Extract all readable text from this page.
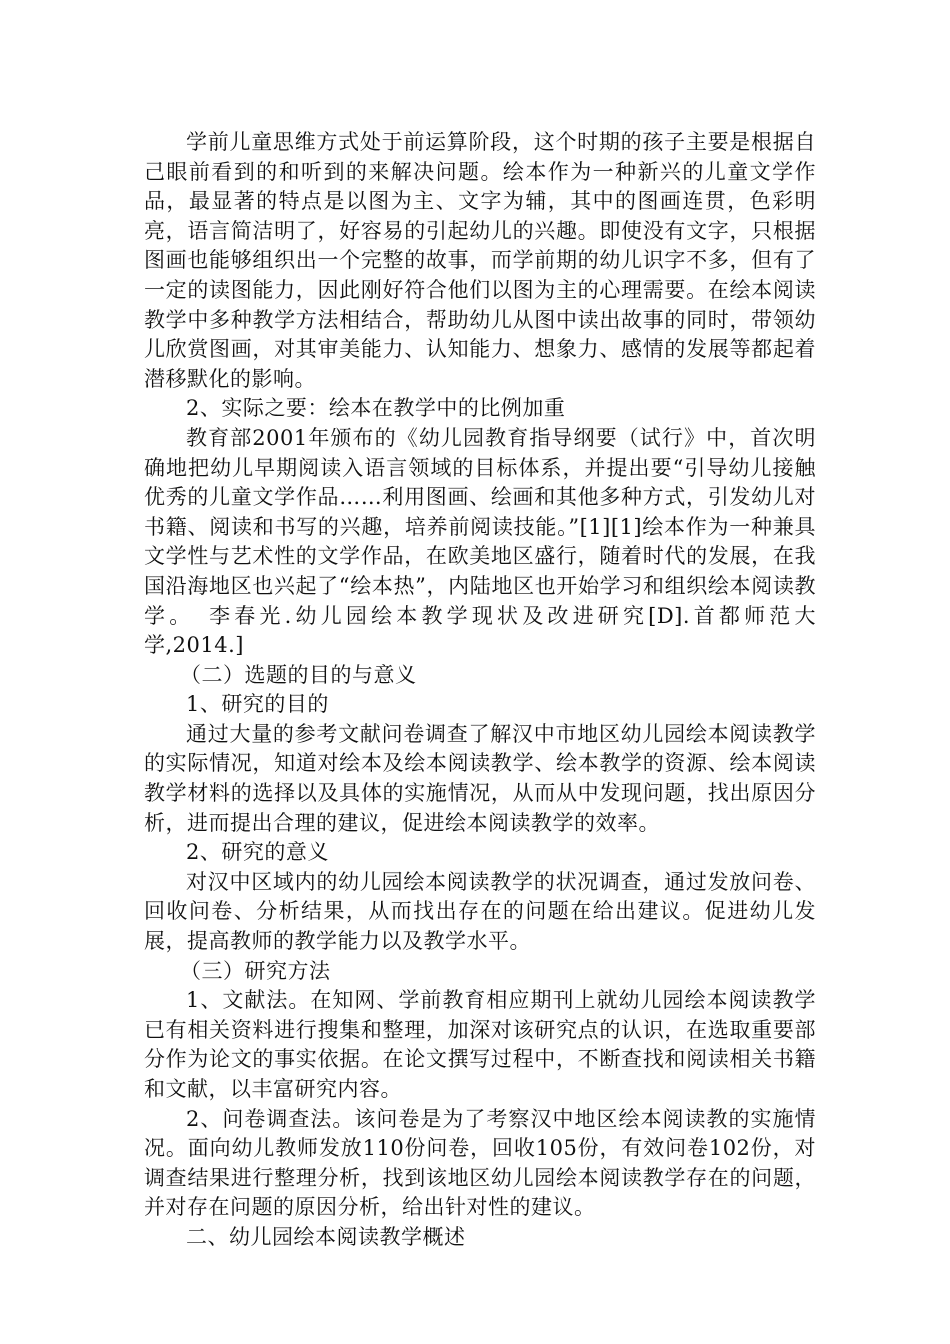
学前儿童思维方式处于前运算阶段，这个时期的孩子主要是根据自己眼前看到的和听到的来解决问题。绘本作为一种新兴的儿童文学作品，最显著的特点是以图为主、文字为辅，其中的图画连贯，色彩明亮，语言简洁明了，好容易的引起幼儿的兴趣。即使没有文字，只根据图画也能够组织出一个完整的故事，而学前期的幼儿识字不多，但有了一定的读图能力，因此刚好符合他们以图为主的心理需要。在绘本阅读教学中多种教学方法相结合，帮助幼儿从图中读出故事的同时，带领幼儿欣赏图画，对其审美能力、认知能力、想象力、感情的发展等都起着潜移默化的影响。

2、实际之要：绘本在教学中的比例加重

教育部2001年颁布的《幼儿园教育指导纲要（试行》中，首次明确地把幼儿早期阅读入语言领域的目标体系，并提出要“引导幼儿接触优秀的儿童文学作品……利用图画、绘画和其他多种方式，引发幼儿对书籍、阅读和书写的兴趣，培养前阅读技能。”[1][1]绘本作为一种兼具文学性与艺术性的文学作品，在欧美地区盛行，随着时代的发展，在我国沿海地区也兴起了“绘本热”，内陆地区也开始学习和组织绘本阅读教学。　李春光.幼儿园绘本教学现状及改进研究[D].首都师范大学,2014.]

（二）选题的目的与意义

1、研究的目的

通过大量的参考文献问卷调查了解汉中市地区幼儿园绘本阅读教学的实际情况，知道对绘本及绘本阅读教学、绘本教学的资源、绘本阅读教学材料的选择以及具体的实施情况，从而从中发现问题，找出原因分析，进而提出合理的建议，促进绘本阅读教学的效率。

2、研究的意义

对汉中区域内的幼儿园绘本阅读教学的状况调查，通过发放问卷、回收问卷、分析结果，从而找出存在的问题在给出建议。促进幼儿发展，提高教师的教学能力以及教学水平。

（三）研究方法

1、文献法。在知网、学前教育相应期刊上就幼儿园绘本阅读教学已有相关资料进行搜集和整理，加深对该研究点的认识，在选取重要部分作为论文的事实依据。在论文撰写过程中，不断查找和阅读相关书籍和文献，以丰富研究内容。

2、问卷调查法。该问卷是为了考察汉中地区绘本阅读教的实施情况。面向幼儿教师发放110份问卷，回收105份，有效问卷102份，对调查结果进行整理分析，找到该地区幼儿园绘本阅读教学存在的问题，并对存在问题的原因分析，给出针对性的建议。

二、幼儿园绘本阅读教学概述
